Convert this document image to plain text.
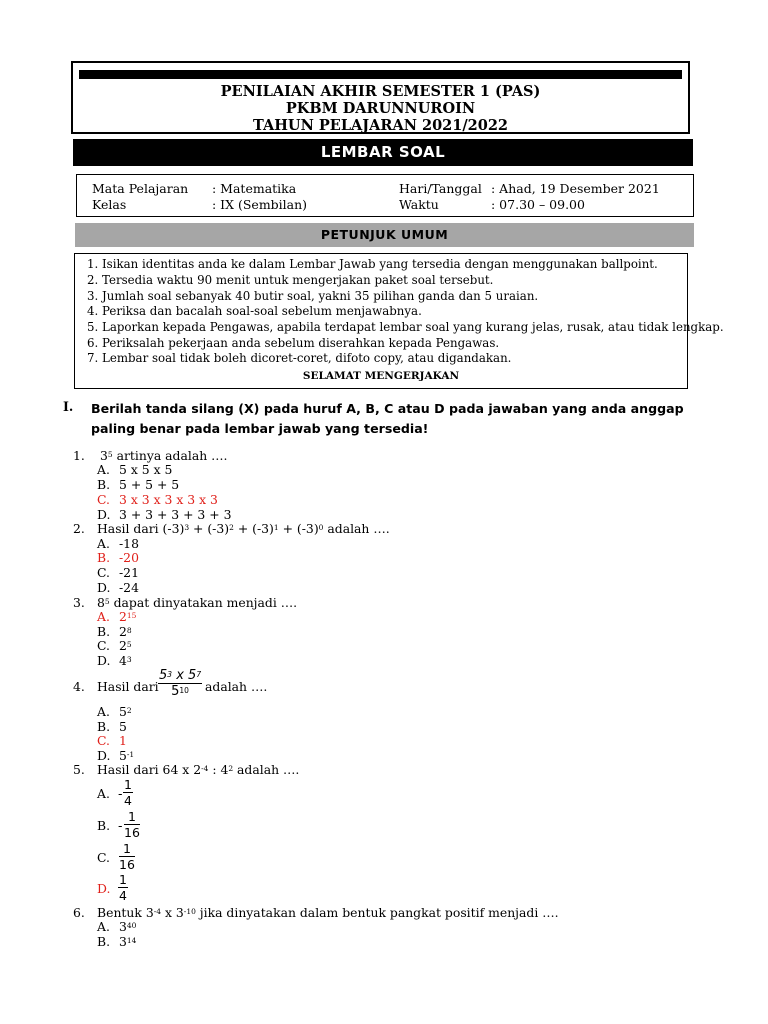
PENILAIAN AKHIR SEMESTER 1 (PAS)
PKBM DARUNNUROIN
TAHUN PELAJARAN 2021/2022
LEMBAR SOAL
Mata Pelajaran : Matematika
Kelas	: IX (Sembilan)
Hari/Tanggal : Ahad, 19 Desember 2021
Waktu	: 07.30 – 09.00
PETUNJUK UMUM
1. Isikan identitas anda ke dalam Lembar Jawab yang tersedia dengan menggunakan ballpoint.
2. Tersedia waktu 90 menit untuk mengerjakan paket soal tersebut.
3. Jumlah soal sebanyak 40 butir soal, yakni 35 pilihan ganda dan 5 uraian.
4. Periksa dan bacalah soal-soal sebelum menjawabnya.
5. Laporkan kepada Pengawas, apabila terdapat lembar soal yang kurang jelas, rusak, atau tidak lengkap.
6. Periksalah pekerjaan anda sebelum diserahkan kepada Pengawas.
7. Lembar soal tidak boleh dicoret-coret, difoto copy, atau digandakan.
SELAMAT MENGERJAKAN
I. Berilah tanda silang (X) pada huruf A, B, C atau D pada jawaban yang anda anggap paling benar pada lembar jawab yang tersedia!
1. $3^5$ artinya adalah ….
A. 5 x 5 x 5
B. 5 + 5 + 5
C. 3 x 3 x 3 x 3 x 3
D. 3 + 3 + 3 + 3 + 3
2. Hasil dari $(-3)^3 + (-3)^2 + (-3)^1 + (-3)^0$ adalah ….
A. -18
B. -20
C. -21
D. -24
3. $8^5$ dapat dinyatakan menjadi ….
A. $2^{15}$
B. $2^8$
C. $2^5$
D. $4^3$
4. Hasil dari $\frac{5^3 x 5^7}{5^{10}}$ adalah ….
A. $5^2$
B. 5
C. 1
D. $5^{-1}$
5. Hasil dari 64 x $2^{-4}$ : $4^2$ adalah ….
A. - $\frac{1}{4}$
B. - $\frac{1}{16}$
C. $\frac{1}{16}$
D. $\frac{1}{4}$
6. Bentuk $3^{-4}$ x $3^{-10}$ jika dinyatakan dalam bentuk pangkat positif menjadi ….
A. $3^{40}$
B. $3^{14}$
